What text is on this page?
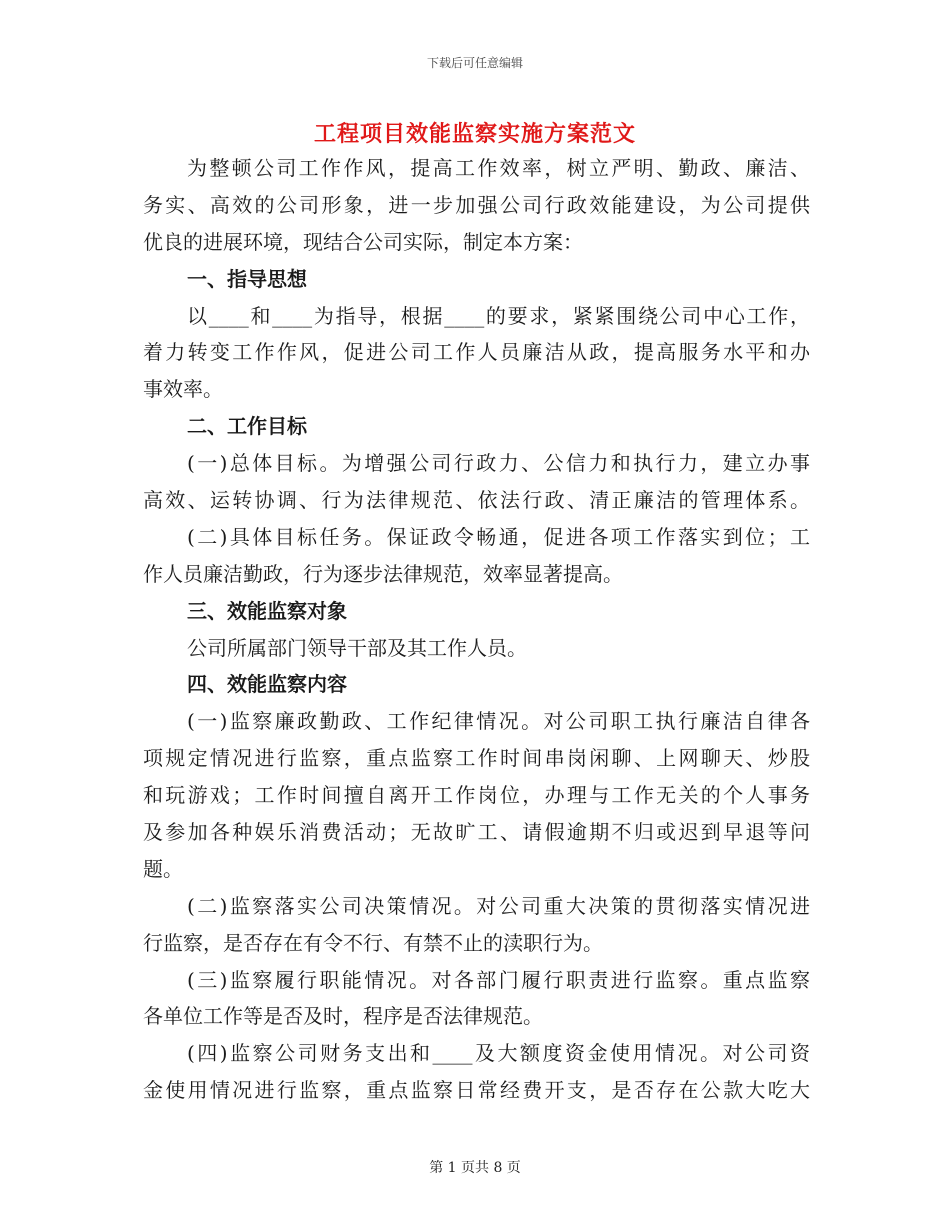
下载后可任意编辑
工程项目效能监察实施方案范文
为整顿公司工作作风，提高工作效率，树立严明、勤政、廉洁、
务实、高效的公司形象，进一步加强公司行政效能建设，为公司提供
优良的进展环境，现结合公司实际，制定本方案：
一、指导思想
以____和____为指导，根据____的要求，紧紧围绕公司中心工作，
着力转变工作作风，促进公司工作人员廉洁从政，提高服务水平和办
事效率。
二、工作目标
(一)总体目标。为增强公司行政力、公信力和执行力，建立办事
高效、运转协调、行为法律规范、依法行政、清正廉洁的管理体系。
(二)具体目标任务。保证政令畅通，促进各项工作落实到位；工
作人员廉洁勤政，行为逐步法律规范，效率显著提高。
三、效能监察对象
公司所属部门领导干部及其工作人员。
四、效能监察内容
(一)监察廉政勤政、工作纪律情况。对公司职工执行廉洁自律各
项规定情况进行监察，重点监察工作时间串岗闲聊、上网聊天、炒股
和玩游戏；工作时间擅自离开工作岗位，办理与工作无关的个人事务
及参加各种娱乐消费活动；无故旷工、请假逾期不归或迟到早退等问
题。
(二)监察落实公司决策情况。对公司重大决策的贯彻落实情况进
行监察，是否存在有令不行、有禁不止的渎职行为。
(三)监察履行职能情况。对各部门履行职责进行监察。重点监察
各单位工作等是否及时，程序是否法律规范。
(四)监察公司财务支出和____及大额度资金使用情况。对公司资
金使用情况进行监察，重点监察日常经费开支，是否存在公款大吃大
第 1 页共 8 页
